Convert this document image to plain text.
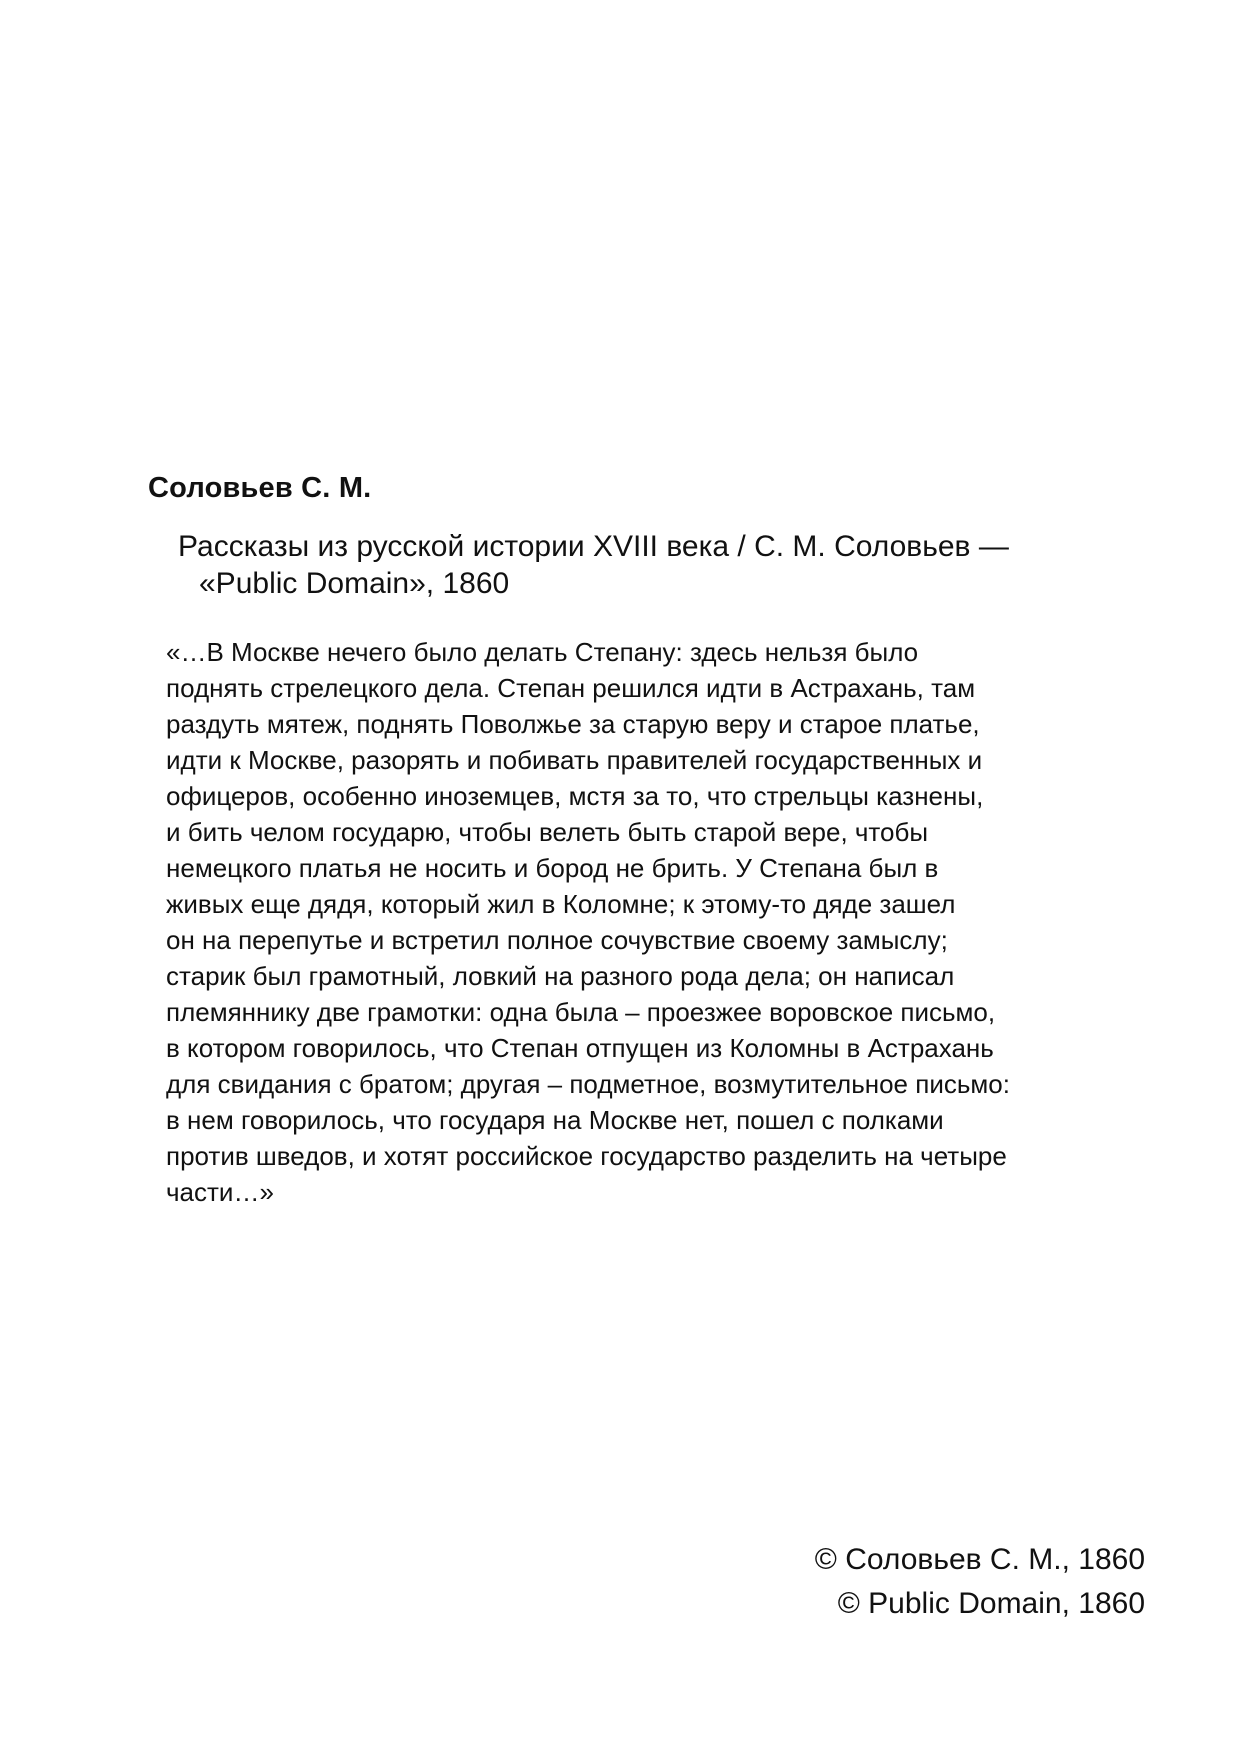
Соловьев С. М.
Рассказы из русской истории XVIII века / С. М. Соловьев —
«Public Domain», 1860
«…В Москве нечего было делать Степану: здесь нельзя было
поднять стрелецкого дела. Степан решился идти в Астрахань, там
раздуть мятеж, поднять Поволжье за старую веру и старое платье,
идти к Москве, разорять и побивать правителей государственных и
офицеров, особенно иноземцев, мстя за то, что стрельцы казнены,
и бить челом государю, чтобы велеть быть старой вере, чтобы
немецкого платья не носить и бород не брить. У Степана был в
живых еще дядя, который жил в Коломне; к этому-то дяде зашел
он на перепутье и встретил полное сочувствие своему замыслу;
старик был грамотный, ловкий на разного рода дела; он написал
племяннику две грамотки: одна была – проезжее воровское письмо,
в котором говорилось, что Степан отпущен из Коломны в Астрахань
для свидания с братом; другая – подметное, возмутительное письмо:
в нем говорилось, что государя на Москве нет, пошел с полками
против шведов, и хотят российское государство разделить на четыре
части…»
© Соловьев С. М., 1860
© Public Domain, 1860
